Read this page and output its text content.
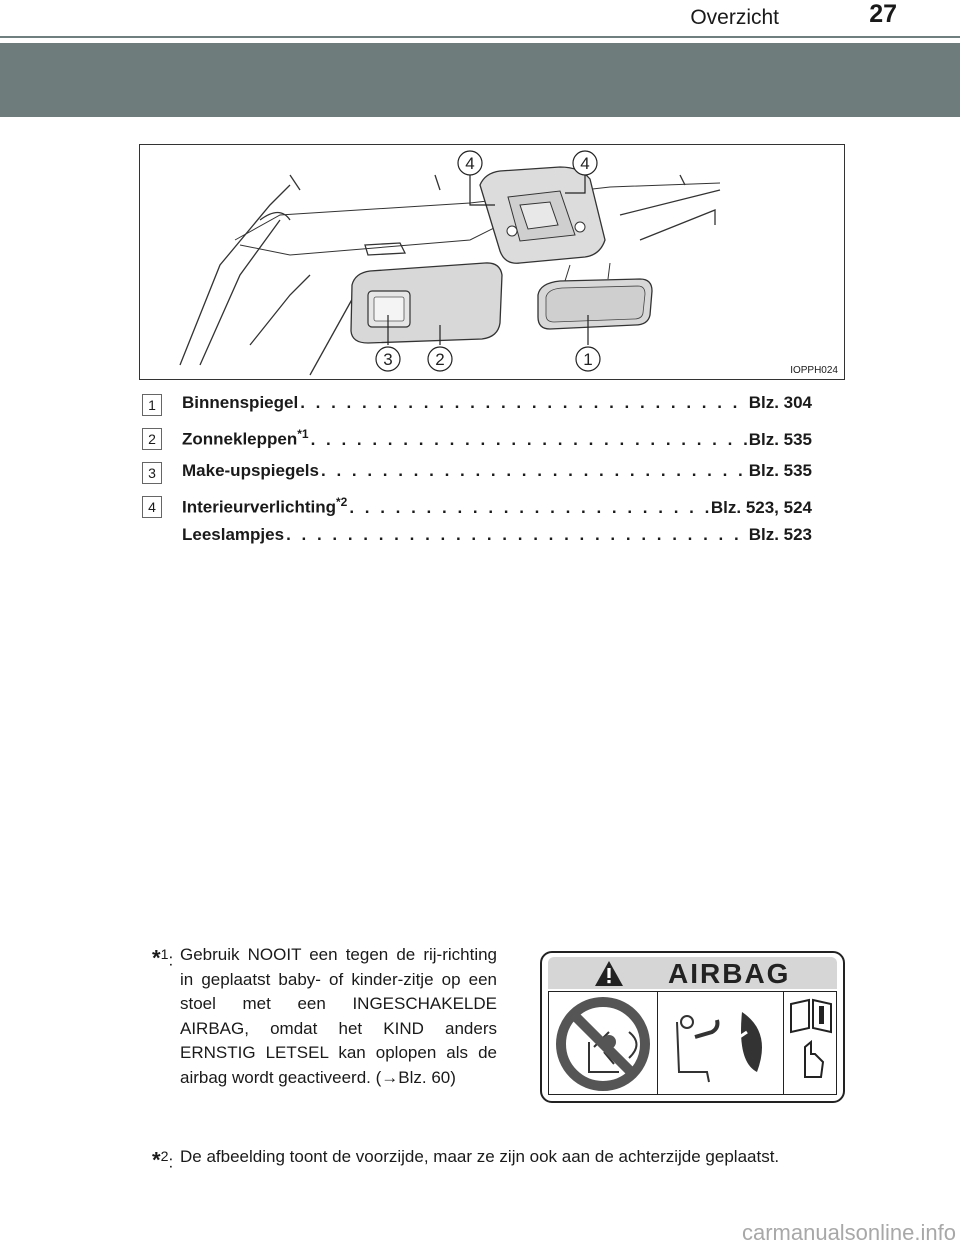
Overzicht	27
4	4
3	2	1
IOPPH024
1	Binnenspiegel . . .	Blz. 304
2	Zonnekleppen$^{*1}$ . . .	Blz. 535
3	Make-upspiegels . . .	Blz. 535
4	Interieurverlichting$^{*2}$ . . .	Blz. 523, 524
Leeslampjes . . .	Blz. 523
*$^1$: Gebruik NOOIT een tegen de rij-richting in geplaatst baby- of kinder-zitje op een stoel met een INGESCHAKELDE AIRBAG, omdat het KIND anders ERNSTIG LETSEL kan oplopen als de airbag wordt geactiveerd. (→Blz. 60)
AIRBAG
*$^2$: De afbeelding toont de voorzijde, maar ze zijn ook aan de achterzijde geplaatst.
carmanualsonline.info
